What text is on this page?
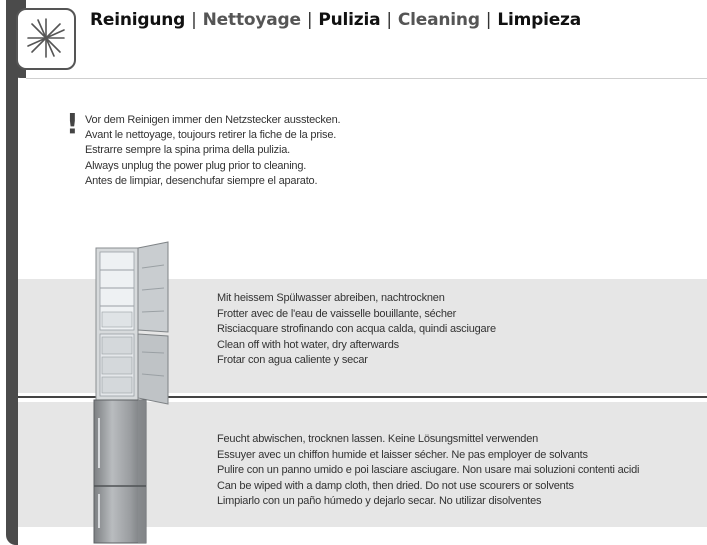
Reinigung | Nettoyage | Pulizia | Cleaning | Limpieza
! Vor dem Reinigen immer den Netzstecker ausstecken.
Avant le nettoyage, toujours retirer la fiche de la prise.
Estrarre sempre la spina prima della pulizia.
Always unplug the power plug prior to cleaning.
Antes de limpiar, desenchufar siempre el aparato.
Mit heissem Spülwasser abreiben, nachtrocknen
Frotter avec de l'eau de vaisselle bouillante, sécher
Risciacquare strofinando con acqua calda, quindi asciugare
Clean off with hot water, dry afterwards
Frotar con agua caliente y secar
Feucht abwischen, trocknen lassen. Keine Lösungsmittel verwenden
Essuyer avec un chiffon humide et laisser sécher. Ne pas employer de solvants
Pulire con un panno umido e poi lasciare asciugare. Non usare mai soluzioni contenti acidi
Can be wiped with a damp cloth, then dried. Do not use scourers or solvents
Limpiarlo con un paño húmedo y dejarlo secar. No utilizar disolventes
